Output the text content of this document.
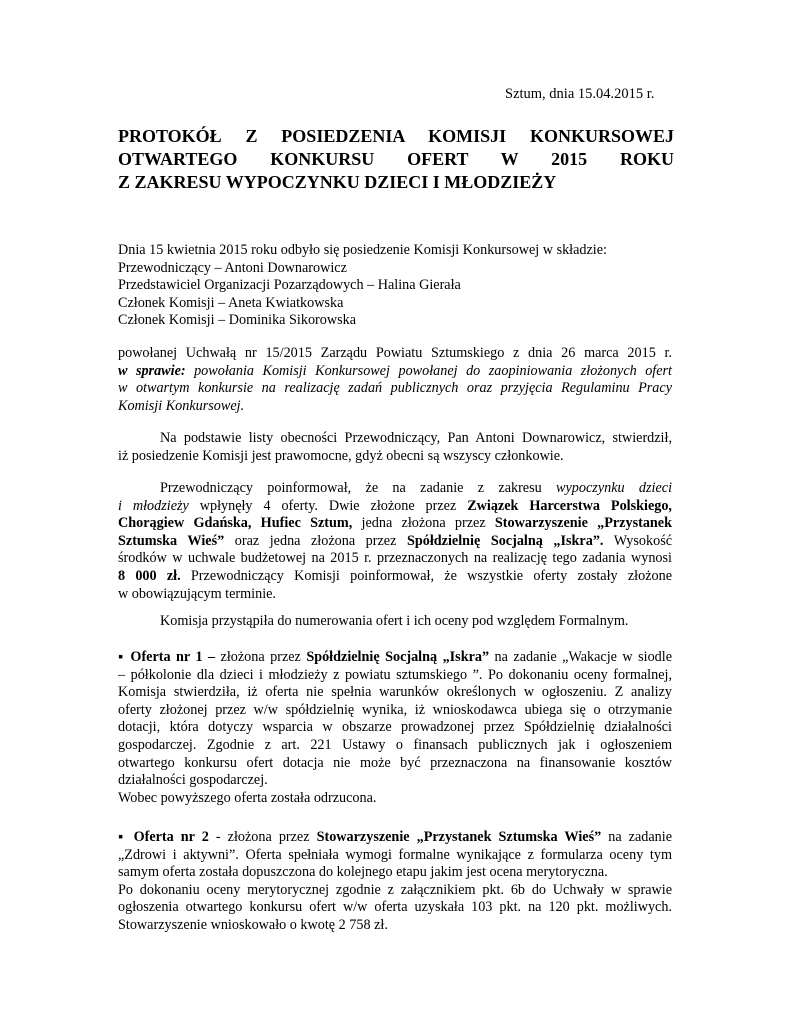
Sztum, dnia 15.04.2015 r.
PROTOKÓŁ Z POSIEDZENIA KOMISJI KONKURSOWEJ
OTWARTEGO KONKURSU OFERT W 2015 ROKU
Z ZAKRESU WYPOCZYNKU DZIECI I MŁODZIEŻY
Dnia 15 kwietnia 2015 roku odbyło się posiedzenie Komisji Konkursowej w składzie:
Przewodniczący – Antoni Downarowicz
Przedstawiciel Organizacji Pozarządowych – Halina Gierała
Członek Komisji – Aneta Kwiatkowska
Członek Komisji – Dominika Sikorowska
powołanej Uchwałą nr 15/2015 Zarządu Powiatu Sztumskiego z dnia 26 marca 2015 r.
w sprawie: powołania Komisji Konkursowej powołanej do zaopiniowania złożonych ofert
w otwartym konkursie na realizację zadań publicznych oraz przyjęcia Regulaminu Pracy
Komisji Konkursowej.
Na podstawie listy obecności Przewodniczący, Pan Antoni Downarowicz, stwierdził,
iż posiedzenie Komisji jest prawomocne, gdyż obecni są wszyscy członkowie.
Przewodniczący poinformował, że na zadanie z zakresu wypoczynku dzieci
i młodzieży wpłynęły 4 oferty. Dwie złożone przez Związek Harcerstwa Polskiego,
Chorągiew Gdańska, Hufiec Sztum, jedna złożona przez Stowarzyszenie „Przystanek
Sztumska Wieś” oraz jedna złożona przez Spółdzielnię Socjalną „Iskra”. Wysokość
środków w uchwale budżetowej na 2015 r. przeznaczonych na realizację tego zadania wynosi
8 000 zł. Przewodniczący Komisji poinformował, że wszystkie oferty zostały złożone
w obowiązującym terminie.
Komisja przystąpiła do numerowania ofert i ich oceny pod względem Formalnym.
▪ Oferta nr 1 – złożona przez Spółdzielnię Socjalną „Iskra” na zadanie „Wakacje w siodle
– półkolonie dla dzieci i młodzieży z powiatu sztumskiego ”. Po dokonaniu oceny formalnej,
Komisja stwierdziła, iż oferta nie spełnia warunków określonych w ogłoszeniu. Z analizy
oferty złożonej przez w/w spółdzielnię wynika, iż wnioskodawca ubiega się o otrzymanie
dotacji, która dotyczy wsparcia w obszarze prowadzonej przez Spółdzielnię działalności
gospodarczej. Zgodnie z art. 221 Ustawy o finansach publicznych jak i ogłoszeniem
otwartego konkursu ofert dotacja nie może być przeznaczona na finansowanie kosztów
działalności gospodarczej.
Wobec powyższego oferta została odrzucona.
▪ Oferta nr 2 - złożona przez Stowarzyszenie „Przystanek Sztumska Wieś” na zadanie
„Zdrowi i aktywni”. Oferta spełniała wymogi formalne wynikające z formularza oceny tym
samym oferta została dopuszczona do kolejnego etapu jakim jest ocena merytoryczna.
Po dokonaniu oceny merytorycznej zgodnie z załącznikiem pkt. 6b do Uchwały w sprawie
ogłoszenia otwartego konkursu ofert w/w oferta uzyskała 103 pkt. na 120 pkt. możliwych.
Stowarzyszenie wnioskowało o kwotę 2 758 zł.
